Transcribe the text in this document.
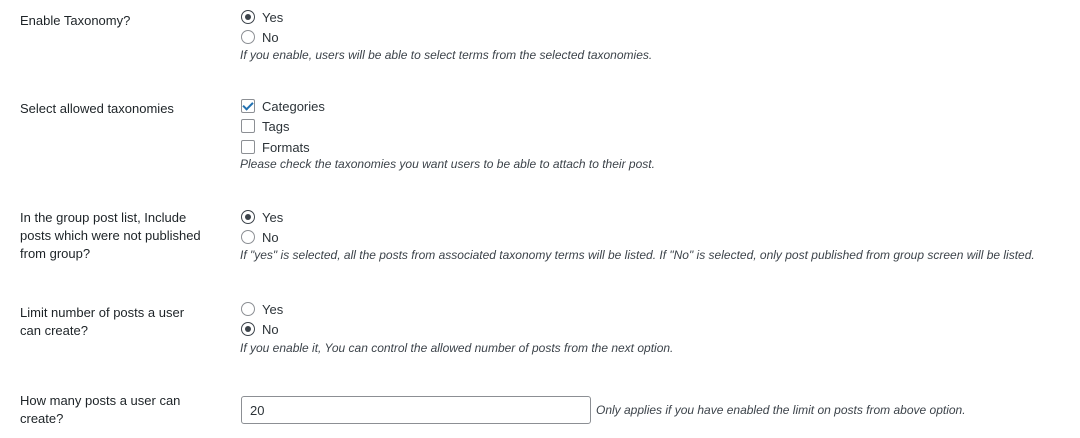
Enable Taxonomy?	Yes
No
If you enable, users will be able to select terms from the selected taxonomies.
Select allowed taxonomies	Categories
Tags
Formats
Please check the taxonomies you want users to be able to attach to their post.
In the group post list, Include
posts which were not published
from group?
Yes
No
If "yes" is selected, all the posts from associated taxonomy terms will be listed. If "No" is selected, only post published from group screen will be listed.
Limit number of posts a user
can create?
Yes
No
If you enable it, You can control the allowed number of posts from the next option.
How many posts a user can
create?
20
Only applies if you have enabled the limit on posts from above option.
